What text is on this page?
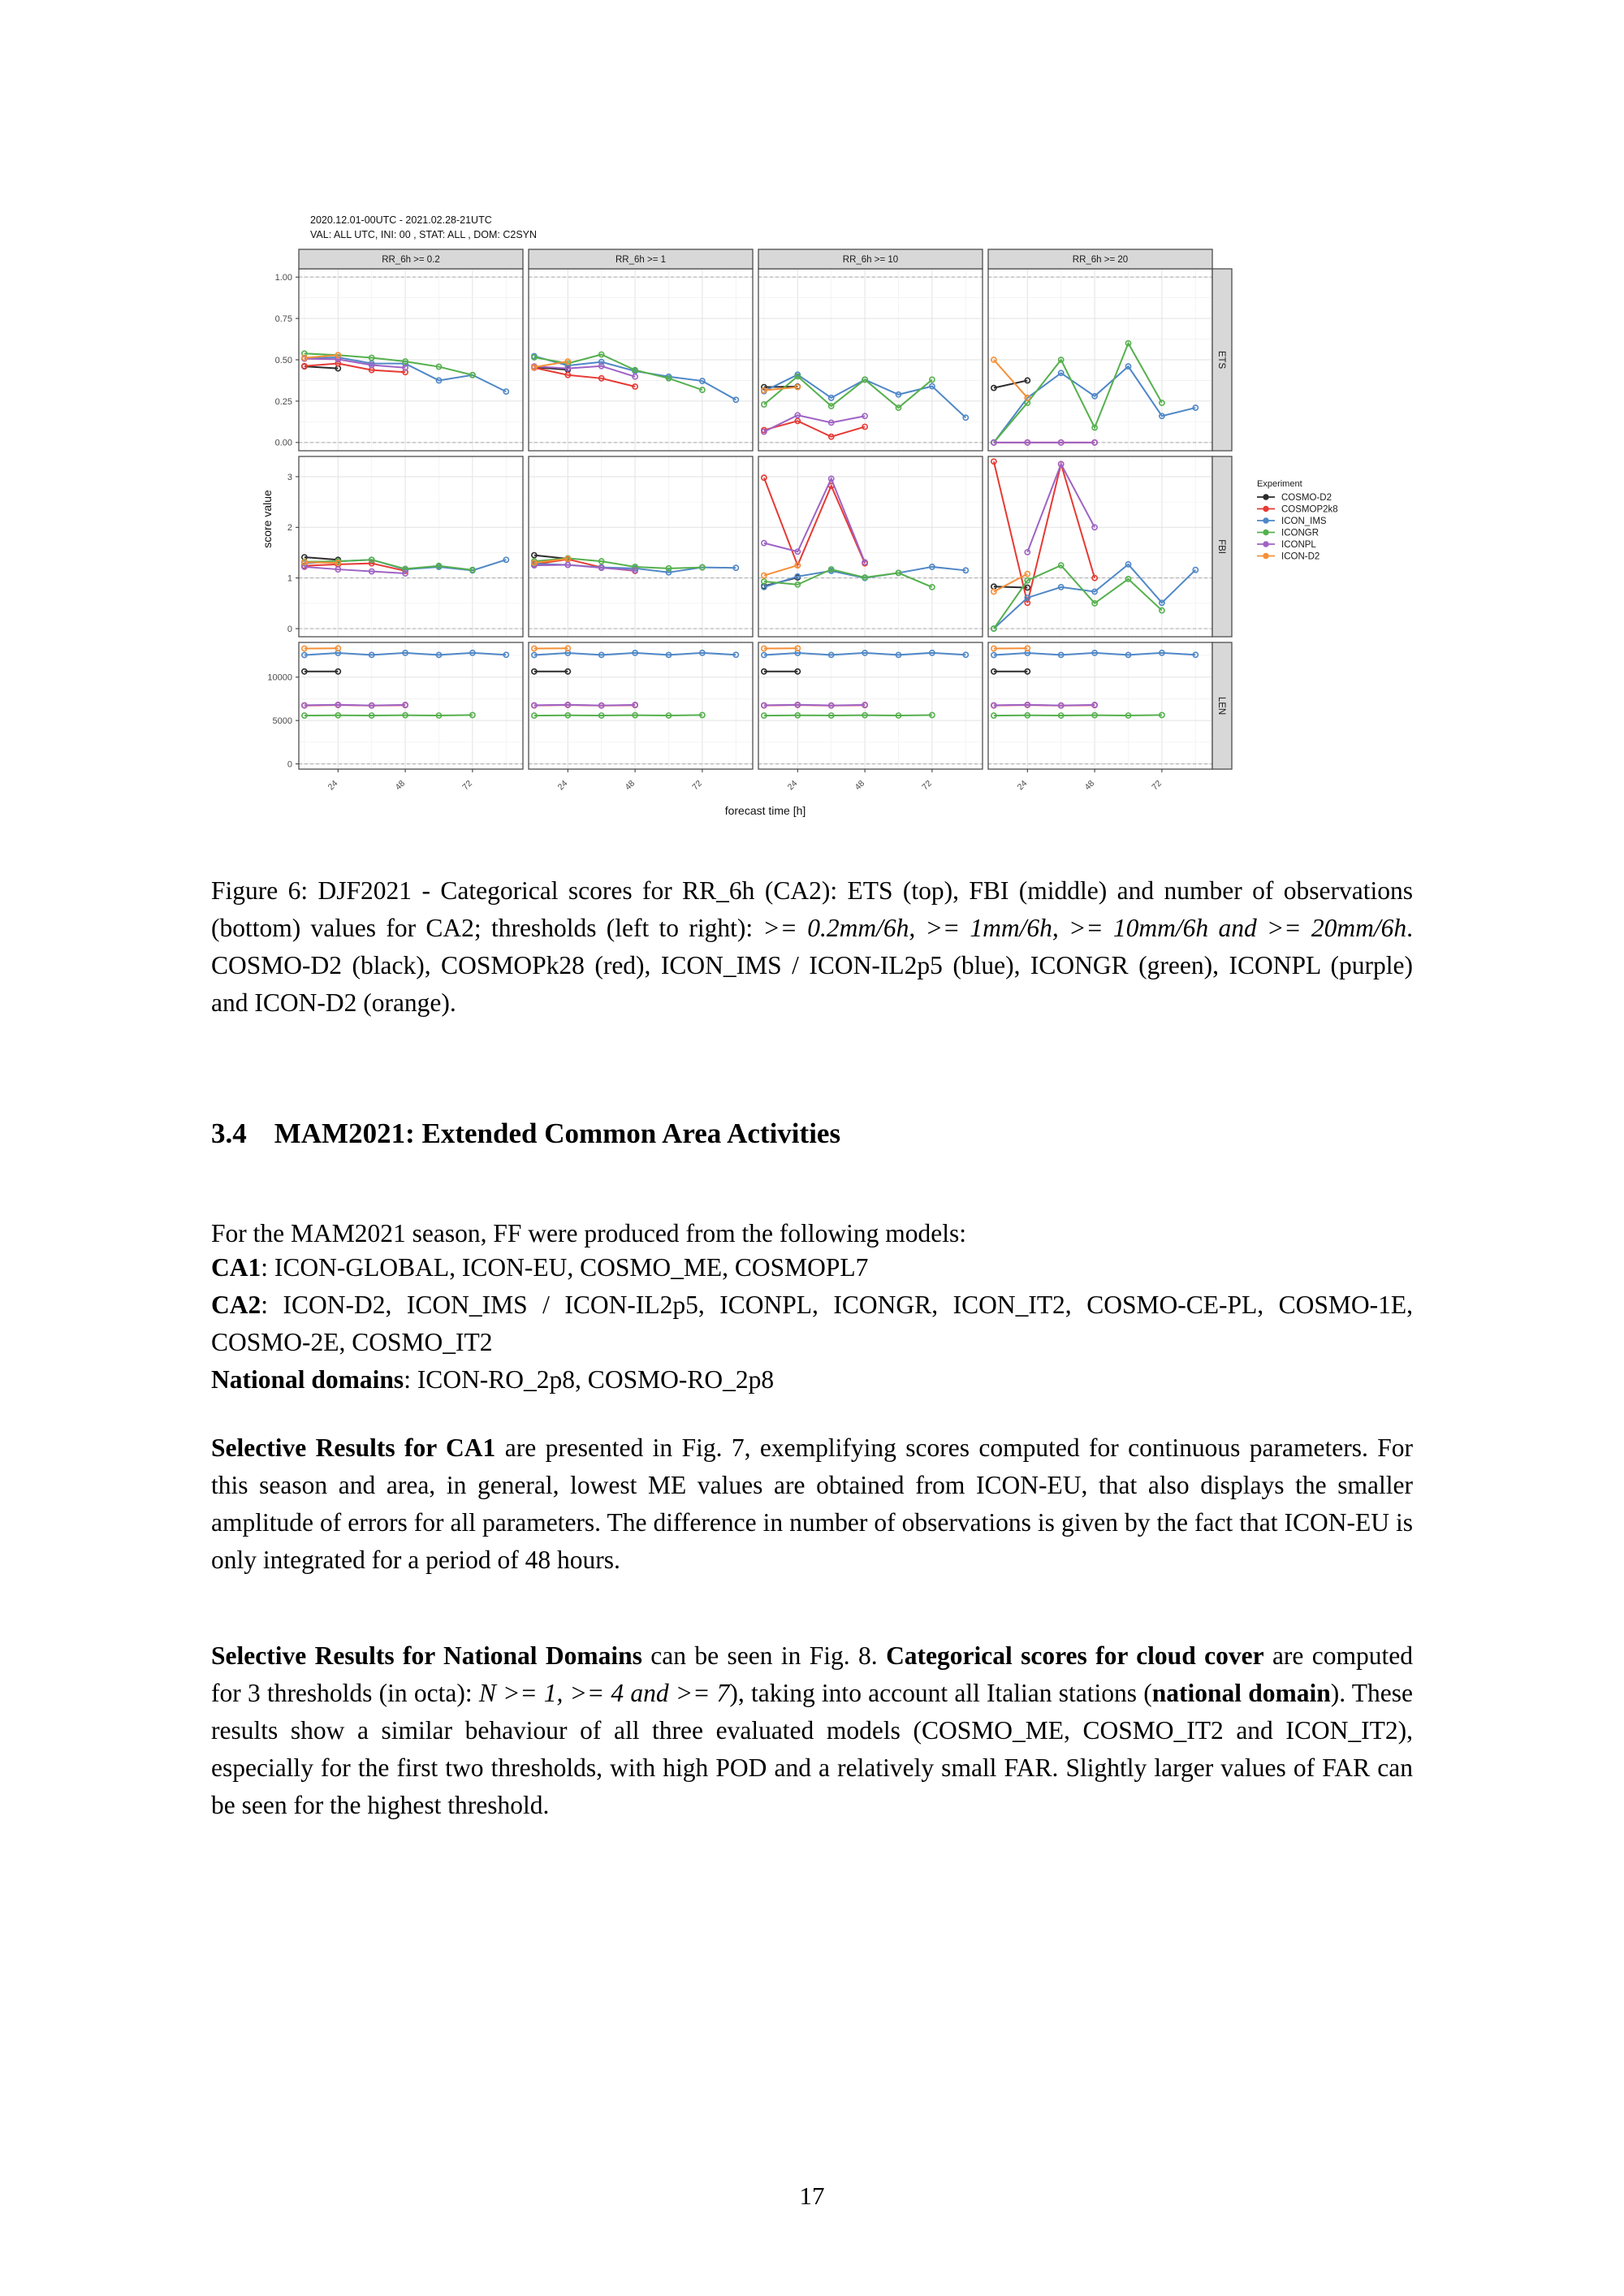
2020.12.01-00UTC - 2021.02.28-21UTC
VAL: ALL UTC, INI: 00 , STAT: ALL , DOM: C2SYN
RR_6h >= 0.2	RR_6h >= 1	RR_6h >= 10	RR_6h >= 20
ETS
0.00
0.25
0.50
0.75
1.00
FBI
0
1
2
3
24	48	72	24	48	72	24	48	72	24	48	72
LEN
0
5000
10000
forecast time [h]
score value
Experiment
COSMO-D2
COSMOP2k8
ICON_IMS
ICONGR
ICONPL
ICON-D2

Figure 6: DJF2021 - Categorical scores for RR_6h (CA2): ETS (top), FBI (middle) and number of observations (bottom) values for CA2; thresholds (left to right): >= 0.2mm/6h, >= 1mm/6h, >= 10mm/6h and >= 20mm/6h. COSMO-D2 (black), COSMOPk28 (red), ICON_IMS / ICON-IL2p5 (blue), ICONGR (green), ICONPL (purple) and ICON-D2 (orange).

3.4 MAM2021: Extended Common Area Activities

For the MAM2021 season, FF were produced from the following models:

CA1: ICON-GLOBAL, ICON-EU, COSMO_ME, COSMOPL7
CA2: ICON-D2, ICON_IMS / ICON-IL2p5, ICONPL, ICONGR, ICON_IT2, COSMO-CE-PL, COSMO-1E, COSMO-2E, COSMO_IT2
National domains: ICON-RO_2p8, COSMO-RO_2p8

Selective Results for CA1 are presented in Fig. 7, exemplifying scores computed for continuous parameters. For this season and area, in general, lowest ME values are obtained from ICON-EU, that also displays the smaller amplitude of errors for all parameters. The difference in number of observations is given by the fact that ICON-EU is only integrated for a period of 48 hours.

Selective Results for National Domains can be seen in Fig. 8. Categorical scores for cloud cover are computed for 3 thresholds (in octa): N >= 1, >= 4 and >= 7), taking into account all Italian stations (national domain). These results show a similar behaviour of all three evaluated models (COSMO_ME, COSMO_IT2 and ICON_IT2), especially for the first two thresholds, with high POD and a relatively small FAR. Slightly larger values of FAR can be seen for the highest threshold.

17
